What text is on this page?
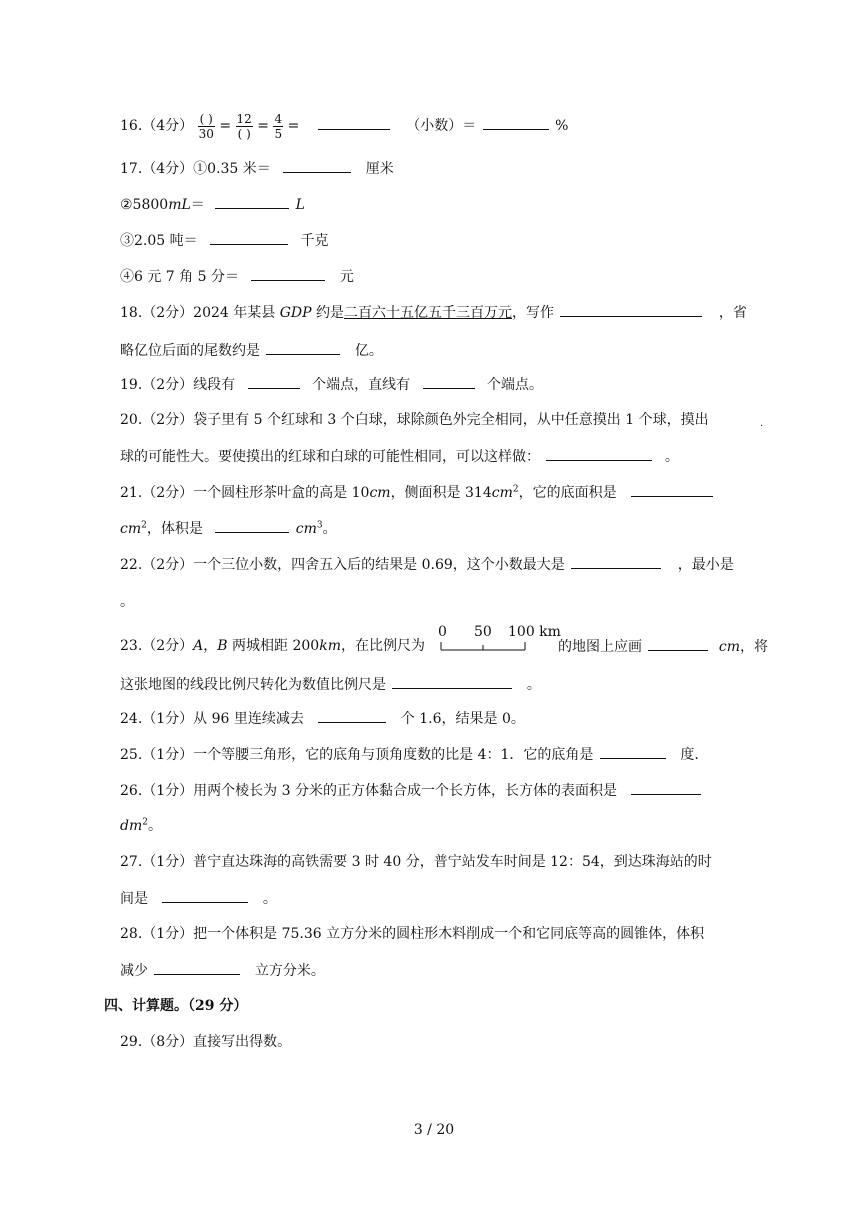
16.（4分） $\frac{( )}{30} = \frac{12}{( )} = \frac{4}{5}$ =	（小数）＝	%
17.（4分）①0.35 米＝	厘米
②5800mL＝	L
③2.05 吨＝	千克
④6 元 7 角 5 分＝	元
18.（2分）2024 年某县 GDP 约是二百六十五亿五千三百万元，写作	，省
略亿位后面的尾数约是	亿。
19.（2分）线段有	个端点，直线有	个端点。
20.（2分）袋子里有 5 个红球和 3 个白球，球除颜色外完全相同，从中任意摸出 1 个球，摸出	.
球的可能性大。要使摸出的红球和白球的可能性相同，可以这样做：	。
21.（2分）一个圆柱形茶叶盒的高是 10cm，侧面积是 $314cm^2$，它的底面积是
$cm^2$，体积是	$cm^3$。
22.（2分）一个三位小数，四舍五入后的结果是 0.69，这个小数最大是	，最小是
。
23.（2分）A，B 两城相距 200km，在比例尺为
0 50 100 km
的地图上应画	cm，将
这张地图的线段比例尺转化为数值比例尺是	。
24.（1分）从 96 里连续减去	个 1.6，结果是 0。
25.（1分）一个等腰三角形，它的底角与顶角度数的比是 4：1．它的底角是	度.
26.（1分）用两个棱长为 3 分米的正方体黏合成一个长方体，长方体的表面积是
$dm^2$。
27.（1分）普宁直达珠海的高铁需要 3 时 40 分，普宁站发车时间是 12：54，到达珠海站的时
间是	。
28.（1分）把一个体积是 75.36 立方分米的圆柱形木料削成一个和它同底等高的圆锥体，体积
减少	立方分米。
四、计算题。（29 分）
29.（8分）直接写出得数。
3 / 20
